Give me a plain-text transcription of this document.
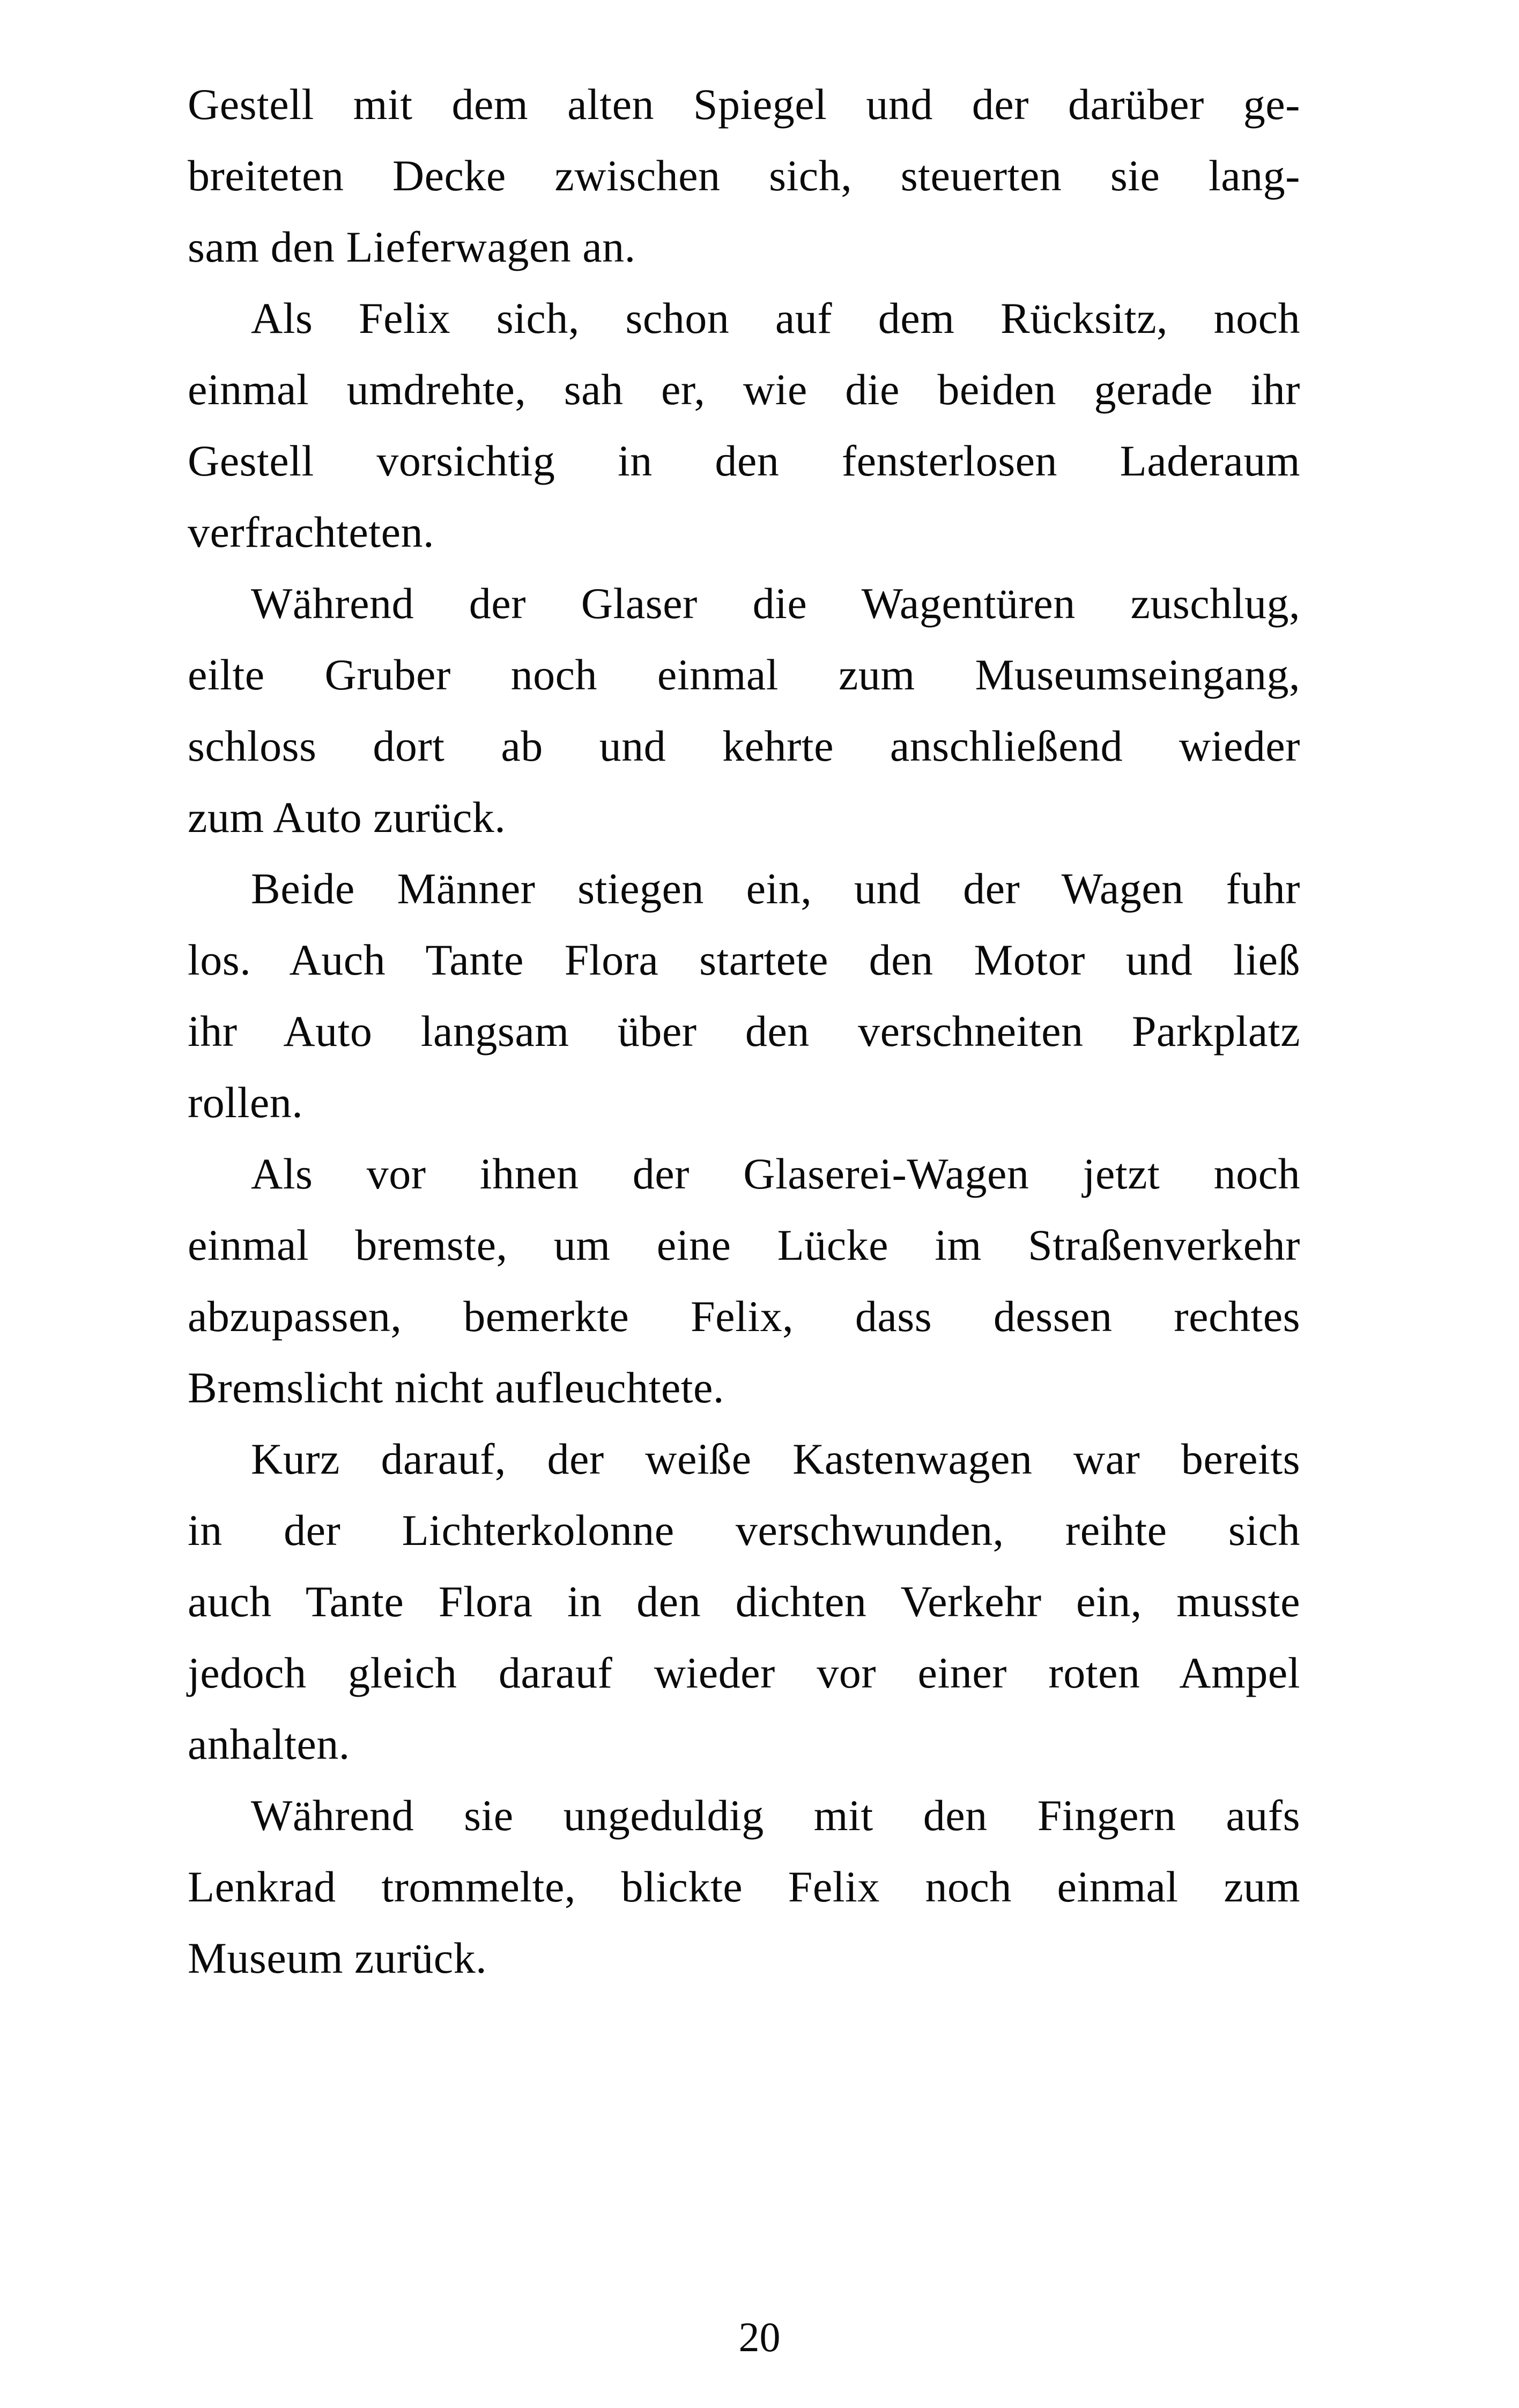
Gestell mit dem alten Spiegel und der darüber ge-
breiteten Decke zwischen sich, steuerten sie lang-
sam den Lieferwagen an.
Als Felix sich, schon auf dem Rücksitz, noch
einmal umdrehte, sah er, wie die beiden gerade ihr
Gestell vorsichtig in den fensterlosen Laderaum
verfrachteten.
Während der Glaser die Wagentüren zuschlug,
eilte Gruber noch einmal zum Museumseingang,
schloss dort ab und kehrte anschließend wieder
zum Auto zurück.
Beide Männer stiegen ein, und der Wagen fuhr
los. Auch Tante Flora startete den Motor und ließ
ihr Auto langsam über den verschneiten Parkplatz
rollen.
Als vor ihnen der Glaserei-Wagen jetzt noch
einmal bremste, um eine Lücke im Straßenverkehr
abzupassen, bemerkte Felix, dass dessen rechtes
Bremslicht nicht aufleuchtete.
Kurz darauf, der weiße Kastenwagen war bereits
in der Lichterkolonne verschwunden, reihte sich
auch Tante Flora in den dichten Verkehr ein, musste
jedoch gleich darauf wieder vor einer roten Ampel
anhalten.
Während sie ungeduldig mit den Fingern aufs
Lenkrad trommelte, blickte Felix noch einmal zum
Museum zurück.
20
